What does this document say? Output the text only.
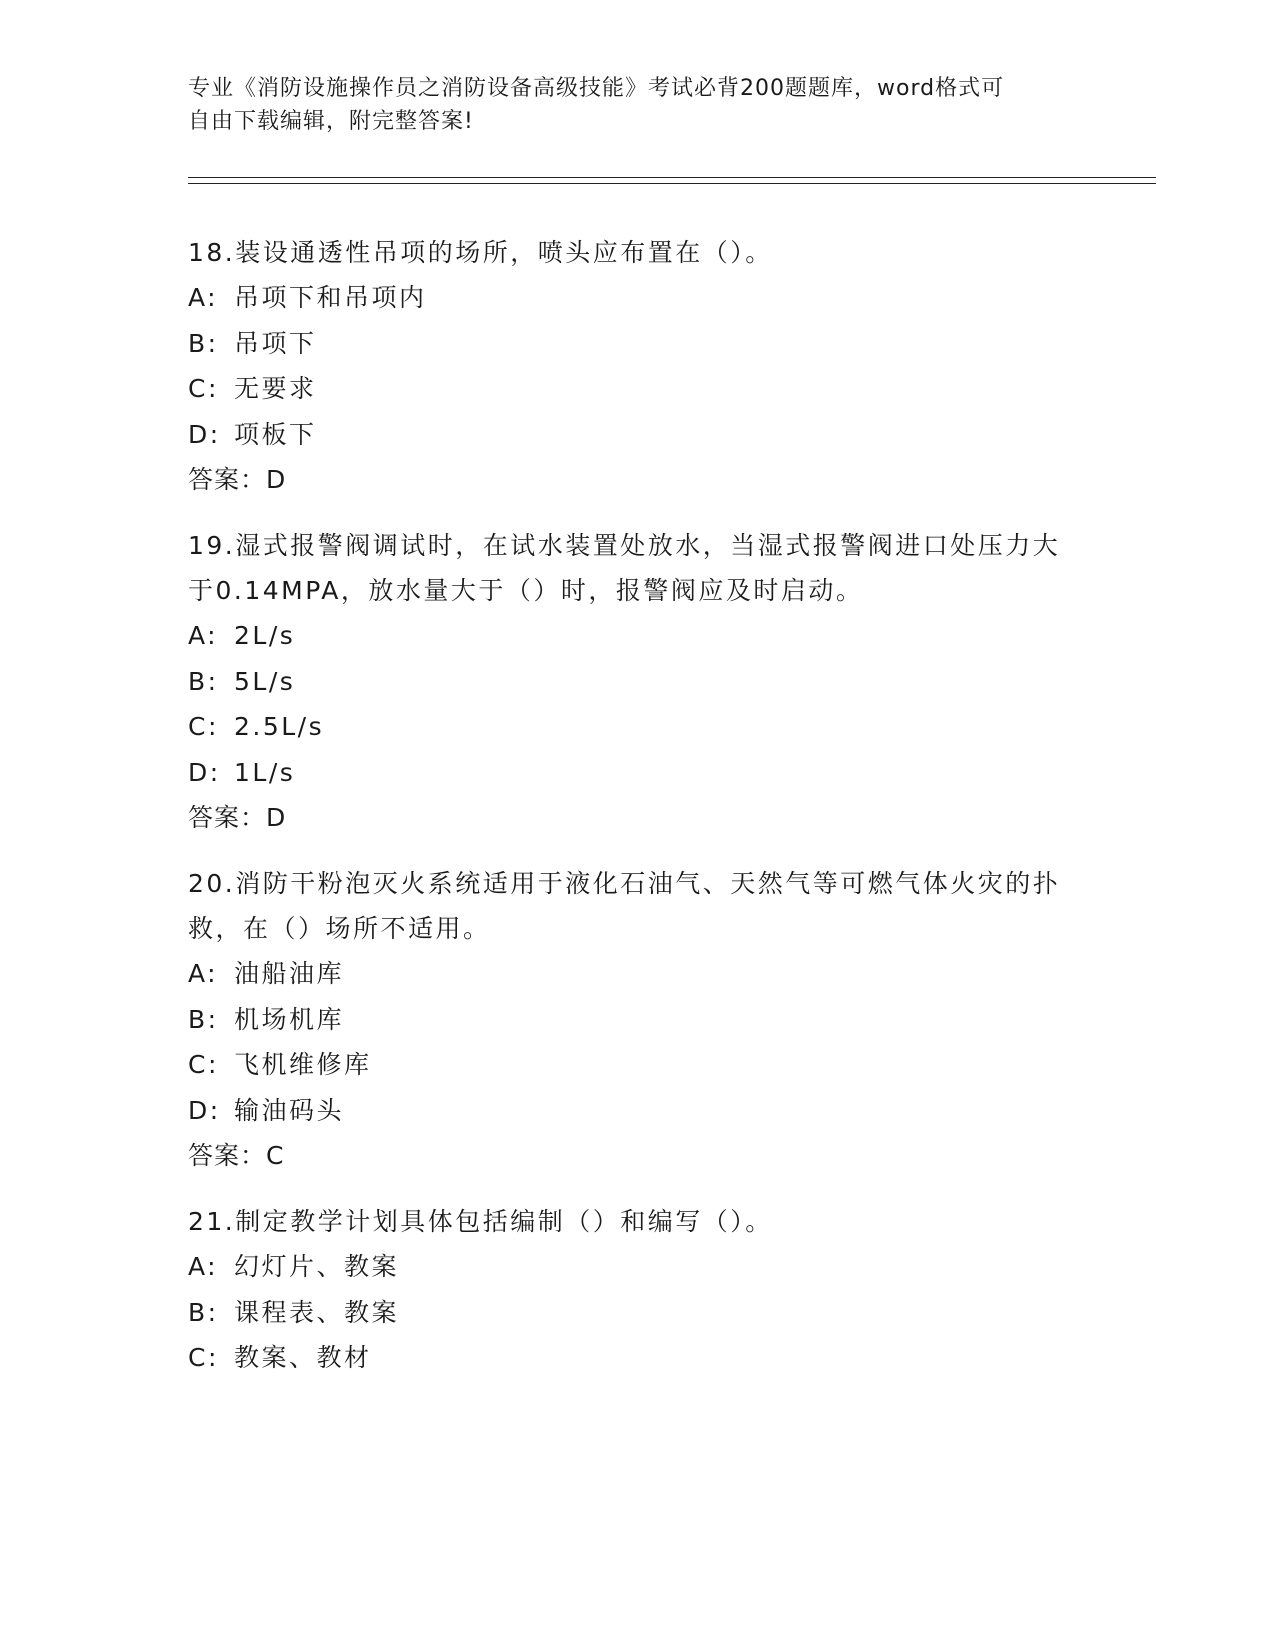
专业《消防设施操作员之消防设备高级技能》考试必背200题题库，word格式可
自由下载编辑，附完整答案!
18.装设通透性吊项的场所，喷头应布置在（）。
A: 吊项下和吊项内
B: 吊项下
C: 无要求
D: 项板下
答案：D
19.湿式报警阀调试时，在试水装置处放水，当湿式报警阀进口处压力大于0.14MPA，放水量大于（）时，报警阀应及时启动。
A: 2L/s
B: 5L/s
C: 2.5L/s
D: 1L/s
答案：D
20.消防干粉泡灭火系统适用于液化石油气、天然气等可燃气体火灾的扑救，在（）场所不适用。
A: 油船油库
B: 机场机库
C: 飞机维修库
D: 输油码头
答案：C
21.制定教学计划具体包括编制（）和编写（）。
A: 幻灯片、教案
B: 课程表、教案
C: 教案、教材
